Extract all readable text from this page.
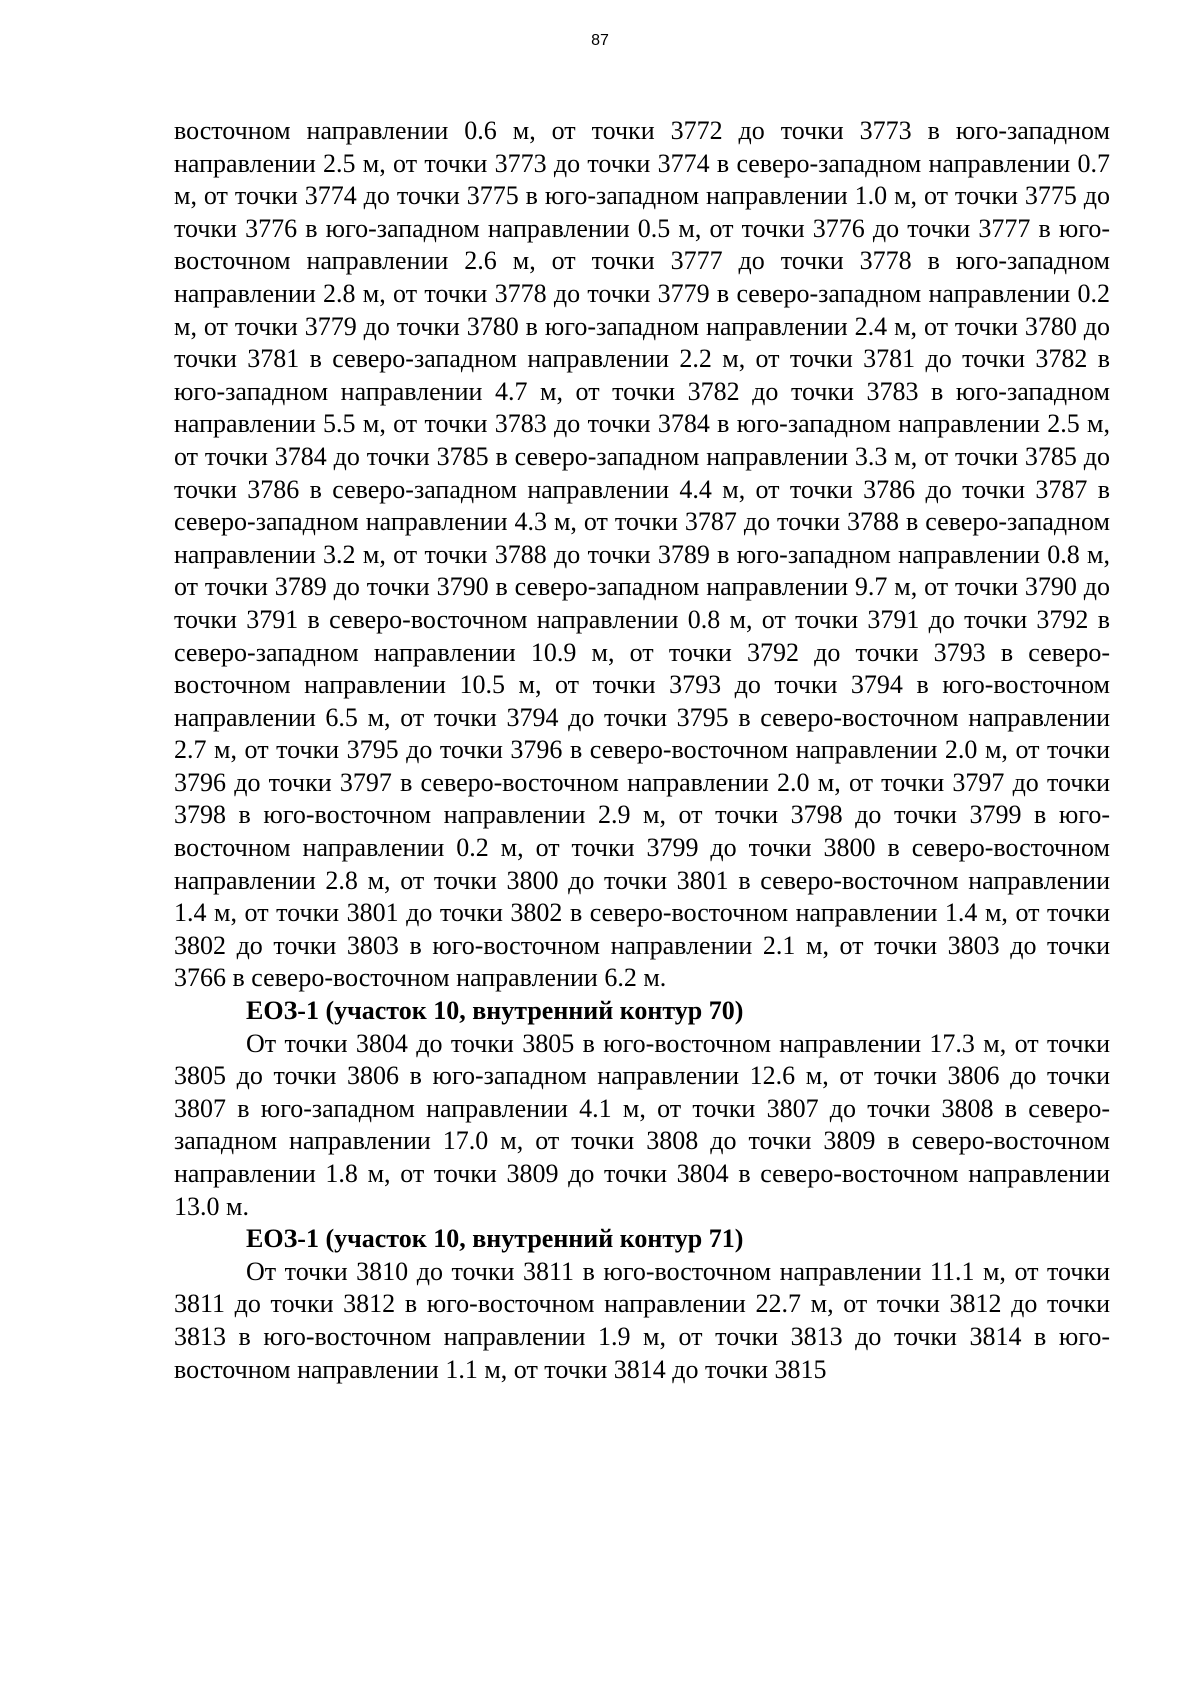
87

восточном направлении 0.6 м, от точки 3772 до точки 3773 в юго-западном направлении 2.5 м, от точки 3773 до точки 3774 в северо-западном направлении 0.7 м, от точки 3774 до точки 3775 в юго-западном направлении 1.0 м, от точки 3775 до точки 3776 в юго-западном направлении 0.5 м, от точки 3776 до точки 3777 в юго-восточном направлении 2.6 м, от точки 3777 до точки 3778 в юго-западном направлении 2.8 м, от точки 3778 до точки 3779 в северо-западном направлении 0.2 м, от точки 3779 до точки 3780 в юго-западном направлении 2.4 м, от точки 3780 до точки 3781 в северо-западном направлении 2.2 м, от точки 3781 до точки 3782 в юго-западном направлении 4.7 м, от точки 3782 до точки 3783 в юго-западном направлении 5.5 м, от точки 3783 до точки 3784 в юго-западном направлении 2.5 м, от точки 3784 до точки 3785 в северо-западном направлении 3.3 м, от точки 3785 до точки 3786 в северо-западном направлении 4.4 м, от точки 3786 до точки 3787 в северо-западном направлении 4.3 м, от точки 3787 до точки 3788 в северо-западном направлении 3.2 м, от точки 3788 до точки 3789 в юго-западном направлении 0.8 м, от точки 3789 до точки 3790 в северо-западном направлении 9.7 м, от точки 3790 до точки 3791 в северо-восточном направлении 0.8 м, от точки 3791 до точки 3792 в северо-западном направлении 10.9 м, от точки 3792 до точки 3793 в северо-восточном направлении 10.5 м, от точки 3793 до точки 3794 в юго-восточном направлении 6.5 м, от точки 3794 до точки 3795 в северо-восточном направлении 2.7 м, от точки 3795 до точки 3796 в северо-восточном направлении 2.0 м, от точки 3796 до точки 3797 в северо-восточном направлении 2.0 м, от точки 3797 до точки 3798 в юго-восточном направлении 2.9 м, от точки 3798 до точки 3799 в юго-восточном направлении 0.2 м, от точки 3799 до точки 3800 в северо-восточном направлении 2.8 м, от точки 3800 до точки 3801 в северо-восточном направлении 1.4 м, от точки 3801 до точки 3802 в северо-восточном направлении 1.4 м, от точки 3802 до точки 3803 в юго-восточном направлении 2.1 м, от точки 3803 до точки 3766 в северо-восточном направлении 6.2 м.

ЕОЗ-1 (участок 10, внутренний контур 70)

От точки 3804 до точки 3805 в юго-восточном направлении 17.3 м, от точки 3805 до точки 3806 в юго-западном направлении 12.6 м, от точки 3806 до точки 3807 в юго-западном направлении 4.1 м, от точки 3807 до точки 3808 в северо-западном направлении 17.0 м, от точки 3808 до точки 3809 в северо-восточном направлении 1.8 м, от точки 3809 до точки 3804 в северо-восточном направлении 13.0 м.

ЕОЗ-1 (участок 10, внутренний контур 71)

От точки 3810 до точки 3811 в юго-восточном направлении 11.1 м, от точки 3811 до точки 3812 в юго-восточном направлении 22.7 м, от точки 3812 до точки 3813 в юго-восточном направлении 1.9 м, от точки 3813 до точки 3814 в юго-восточном направлении 1.1 м, от точки 3814 до точки 3815
